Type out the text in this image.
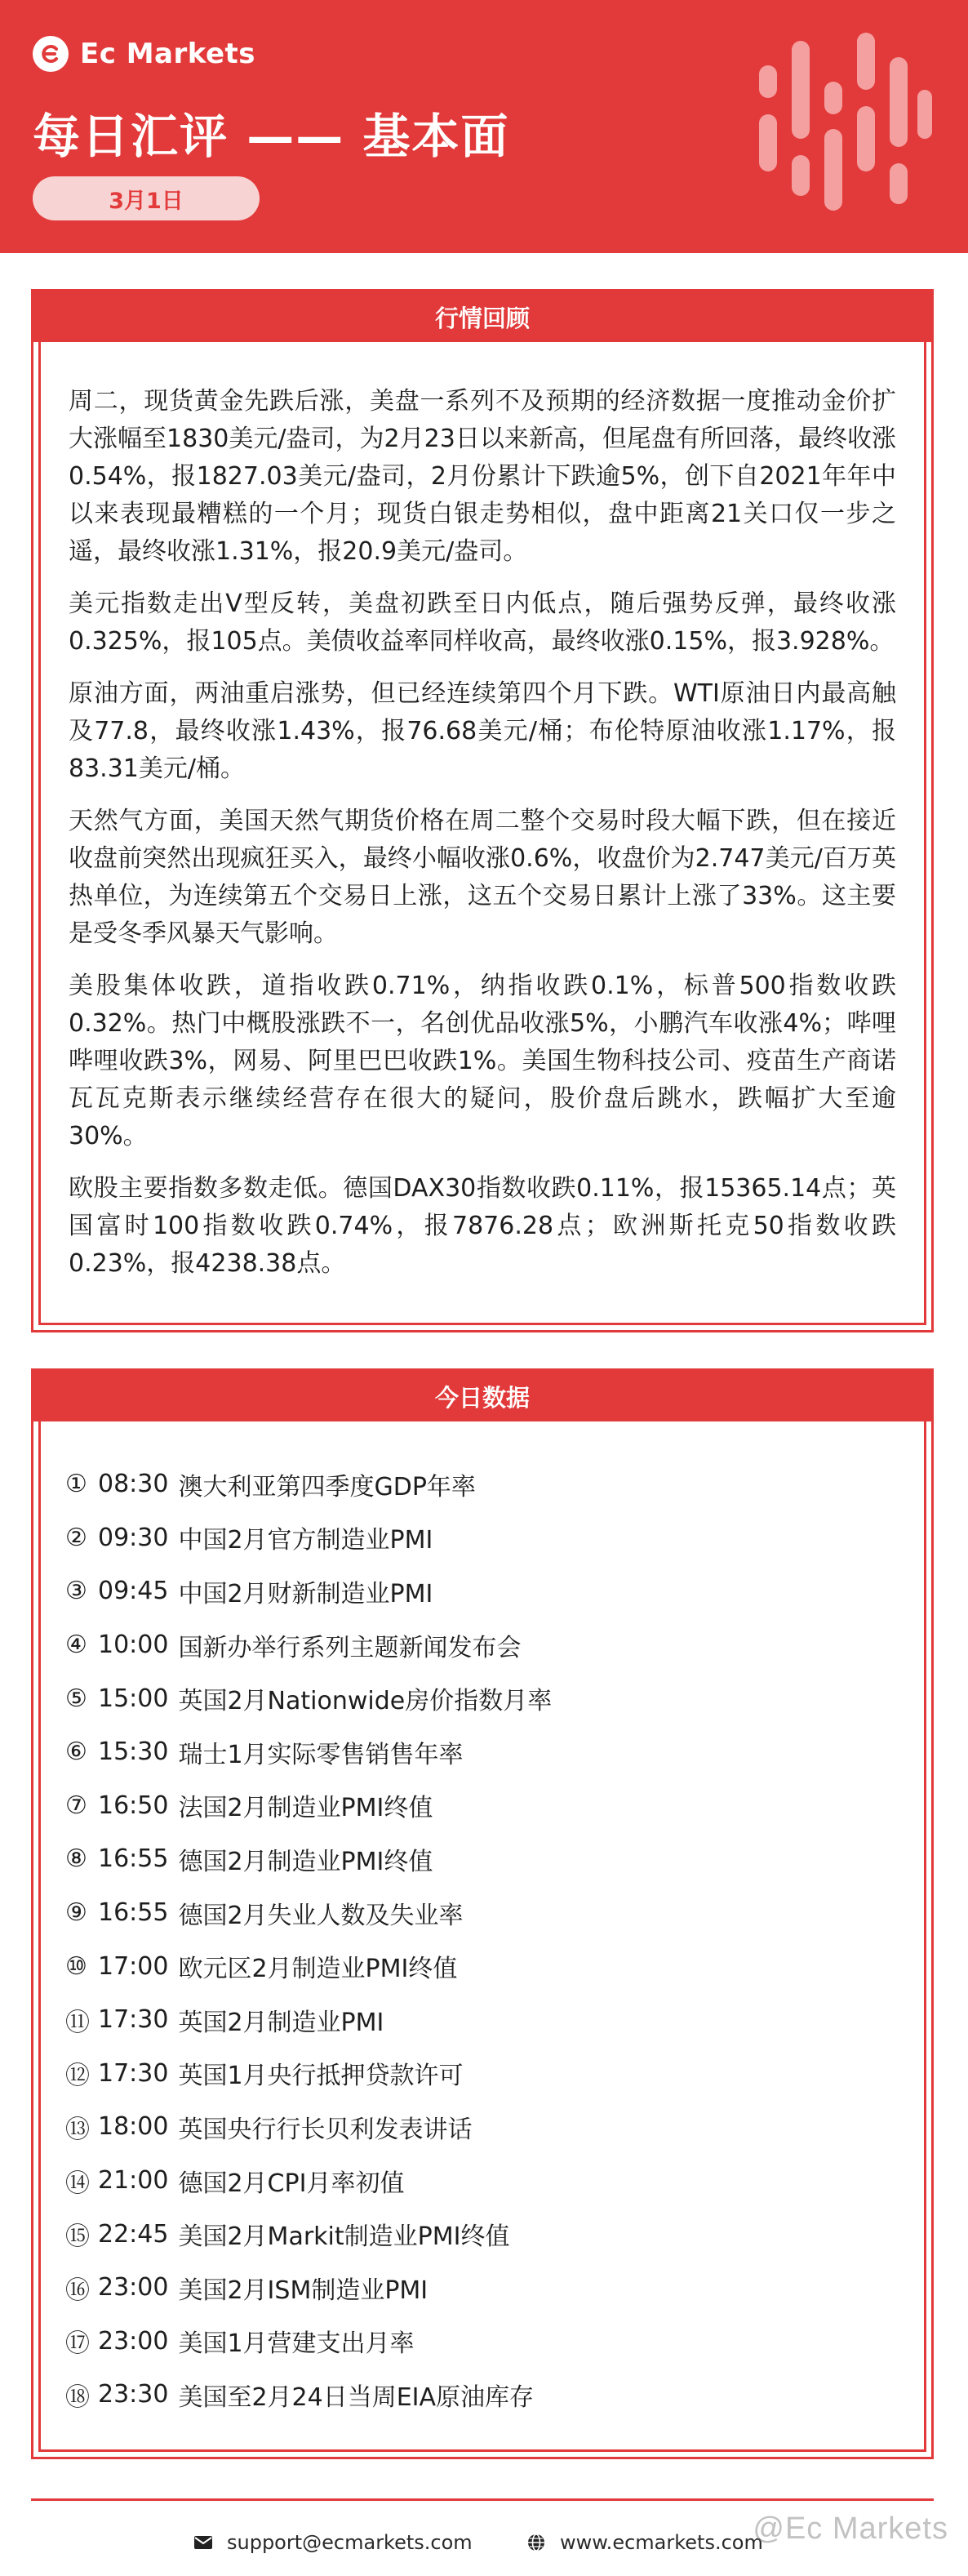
Ec Markets
每日汇评 —— 基本面
3月1日
行情回顾

周二，现货黄金先跌后涨，美盘一系列不及预期的经济数据一度推动金价扩大涨幅至1830美元/盎司，为2月23日以来新高，但尾盘有所回落，最终收涨0.54%，报1827.03美元/盎司，2月份累计下跌逾5%，创下自2021年年中以来表现最糟糕的一个月；现货白银走势相似，盘中距离21关口仅一步之遥，最终收涨1.31%，报20.9美元/盎司。

美元指数走出V型反转，美盘初跌至日内低点，随后强势反弹，最终收涨0.325%，报105点。美债收益率同样收高，最终收涨0.15%，报3.928%。

原油方面，两油重启涨势，但已经连续第四个月下跌。WTI原油日内最高触及77.8，最终收涨1.43%，报76.68美元/桶；布伦特原油收涨1.17%，报83.31美元/桶。

天然气方面，美国天然气期货价格在周二整个交易时段大幅下跌，但在接近收盘前突然出现疯狂买入，最终小幅收涨0.6%，收盘价为2.747美元/百万英热单位，为连续第五个交易日上涨，这五个交易日累计上涨了33%。这主要是受冬季风暴天气影响。

美股集体收跌，道指收跌0.71%，纳指收跌0.1%，标普500指数收跌0.32%。热门中概股涨跌不一，名创优品收涨5%，小鹏汽车收涨4%；哔哩哔哩收跌3%，网易、阿里巴巴收跌1%。美国生物科技公司、疫苗生产商诺瓦瓦克斯表示继续经营存在很大的疑问，股价盘后跳水，跌幅扩大至逾30%。

欧股主要指数多数走低。德国DAX30指数收跌0.11%，报15365.14点；英国富时100指数收跌0.74%，报7876.28点；欧洲斯托克50指数收跌0.23%，报4238.38点。

今日数据
① 08:30 澳大利亚第四季度GDP年率
② 09:30 中国2月官方制造业PMI
③ 09:45 中国2月财新制造业PMI
④ 10:00 国新办举行系列主题新闻发布会
⑤ 15:00 英国2月Nationwide房价指数月率
⑥ 15:30 瑞士1月实际零售销售年率
⑦ 16:50 法国2月制造业PMI终值
⑧ 16:55 德国2月制造业PMI终值
⑨ 16:55 德国2月失业人数及失业率
⑩ 17:00 欧元区2月制造业PMI终值
⑪ 17:30 英国2月制造业PMI
⑫ 17:30 英国1月央行抵押贷款许可
⑬ 18:00 英国央行行长贝利发表讲话
⑭ 21:00 德国2月CPI月率初值
⑮ 22:45 美国2月Markit制造业PMI终值
⑯ 23:00 美国2月ISM制造业PMI
⑰ 23:00 美国1月营建支出月率
⑱ 23:30 美国至2月24日当周EIA原油库存
support@ecmarkets.com	www.ecmarkets.com
@Ec Markets
